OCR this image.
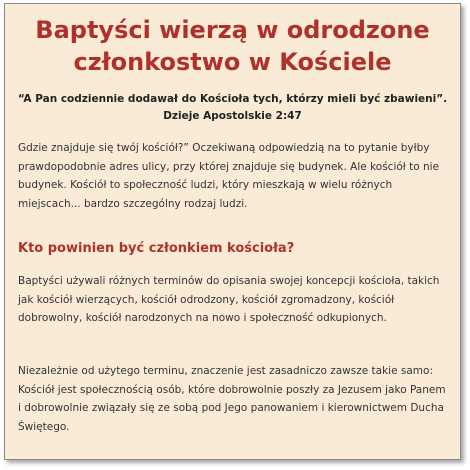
Baptyści wierzą w odrodzone członkostwo w Kościele

“A Pan codziennie dodawał do Kościoła tych, którzy mieli być zbawieni”.

Dzieje Apostolskie 2:47

Gdzie znajduje się twój kościół?” Oczekiwaną odpowiedzią na to pytanie byłby prawdopodobnie adres ulicy, przy której znajduje się budynek. Ale kościół to nie budynek. Kościół to społeczność ludzi, który mieszkają w wielu różnych miejscach... bardzo szczególny rodzaj ludzi.

Kto powinien być członkiem kościoła?

Baptyści używali różnych terminów do opisania swojej koncepcji kościoła, takich jak kościół wierzących, kościół odrodzony, kościół zgromadzony, kościół dobrowolny, kościół narodzonych na nowo i społeczność odkupionych.

Niezależnie od użytego terminu, znaczenie jest zasadniczo zawsze takie samo: Kościół jest społecznością osób, które dobrowolnie poszły za Jezusem jako Panem i dobrowolnie związały się ze sobą pod Jego panowaniem i kierownictwem Ducha Świętego.
